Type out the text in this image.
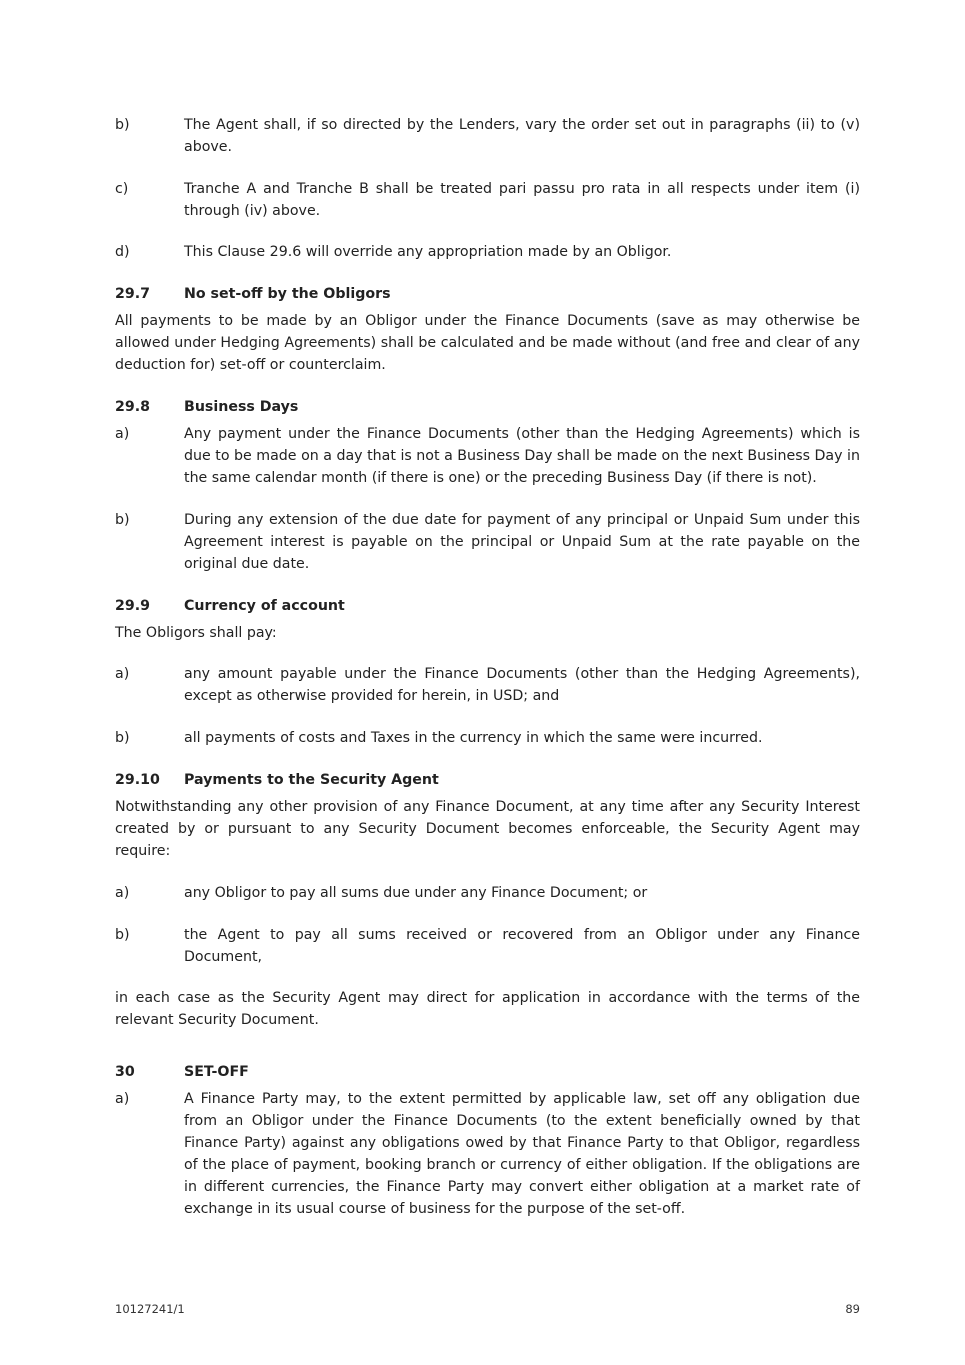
b)	The Agent shall, if so directed by the Lenders, vary the order set out in paragraphs (ii) to (v) above.
c)	Tranche A and Tranche B shall be treated pari passu pro rata in all respects under item (i) through (iv) above.
d)	This Clause 29.6 will override any appropriation made by an Obligor.
29.7	No set-off by the Obligors

All payments to be made by an Obligor under the Finance Documents (save as may otherwise be allowed under Hedging Agreements) shall be calculated and be made without (and free and clear of any deduction for) set-off or counterclaim.

29.8	Business Days
a)	Any payment under the Finance Documents (other than the Hedging Agreements) which is due to be made on a day that is not a Business Day shall be made on the next Business Day in the same calendar month (if there is one) or the preceding Business Day (if there is not).
b)	During any extension of the due date for payment of any principal or Unpaid Sum under this Agreement interest is payable on the principal or Unpaid Sum at the rate payable on the original due date.
29.9	Currency of account

The Obligors shall pay:

a)	any amount payable under the Finance Documents (other than the Hedging Agreements), except as otherwise provided for herein, in USD; and
b)	all payments of costs and Taxes in the currency in which the same were incurred.
29.10	Payments to the Security Agent

Notwithstanding any other provision of any Finance Document, at any time after any Security Interest created by or pursuant to any Security Document becomes enforceable, the Security Agent may require:

a)	any Obligor to pay all sums due under any Finance Document; or
b)	the Agent to pay all sums received or recovered from an Obligor under any Finance Document,

in each case as the Security Agent may direct for application in accordance with the terms of the relevant Security Document.

30	SET-OFF
a)	A Finance Party may, to the extent permitted by applicable law, set off any obligation due from an Obligor under the Finance Documents (to the extent beneficially owned by that Finance Party) against any obligations owed by that Finance Party to that Obligor, regardless of the place of payment, booking branch or currency of either obligation. If the obligations are in different currencies, the Finance Party may convert either obligation at a market rate of exchange in its usual course of business for the purpose of the set-off.
10127241/1	89
